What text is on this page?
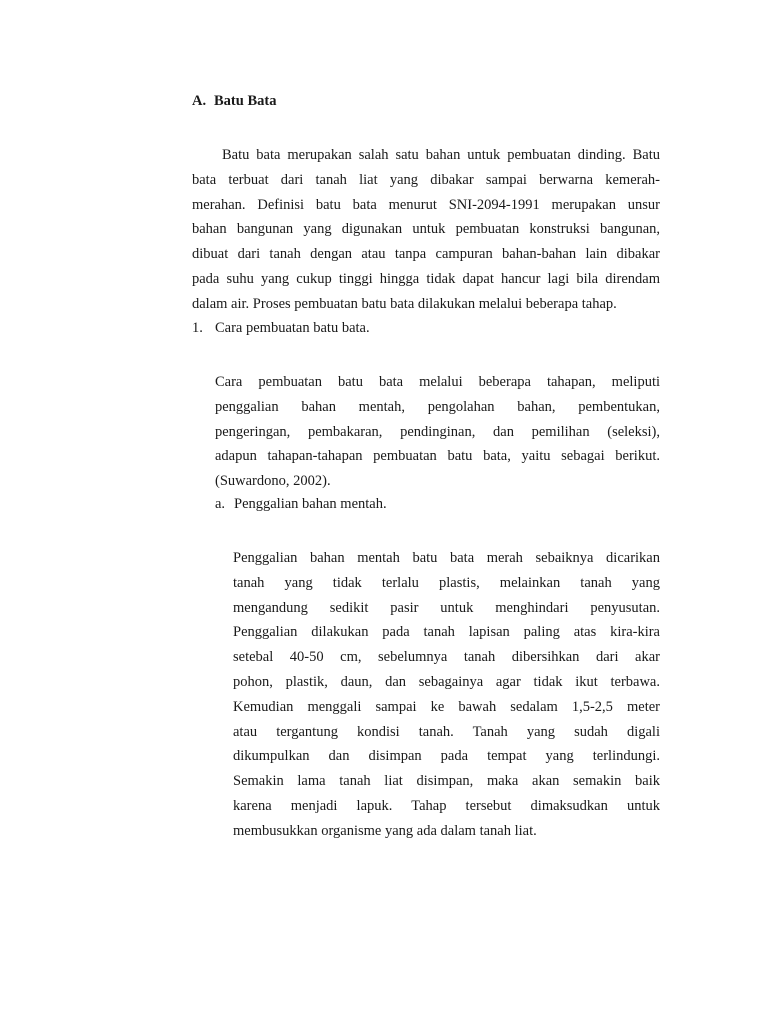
A. Batu Bata
Batu bata merupakan salah satu bahan untuk pembuatan dinding. Batu
bata terbuat dari tanah liat yang dibakar sampai berwarna kemerah-
merahan. Definisi batu bata menurut SNI-2094-1991 merupakan unsur
bahan bangunan yang digunakan untuk pembuatan konstruksi bangunan,
dibuat dari tanah dengan atau tanpa campuran bahan-bahan lain dibakar
pada suhu yang cukup tinggi hingga tidak dapat hancur lagi bila direndam
dalam air. Proses pembuatan batu bata dilakukan melalui beberapa tahap.
1. Cara pembuatan batu bata.
Cara pembuatan batu bata melalui beberapa tahapan, meliputi
penggalian bahan mentah, pengolahan bahan, pembentukan,
pengeringan, pembakaran, pendinginan, dan pemilihan (seleksi),
adapun tahapan-tahapan pembuatan batu bata, yaitu sebagai berikut.
(Suwardono, 2002).
a. Penggalian bahan mentah.
Penggalian bahan mentah batu bata merah sebaiknya dicarikan
tanah yang tidak terlalu plastis, melainkan tanah yang
mengandung sedikit pasir untuk menghindari penyusutan.
Penggalian dilakukan pada tanah lapisan paling atas kira-kira
setebal 40-50 cm, sebelumnya tanah dibersihkan dari akar
pohon, plastik, daun, dan sebagainya agar tidak ikut terbawa.
Kemudian menggali sampai ke bawah sedalam 1,5-2,5 meter
atau tergantung kondisi tanah. Tanah yang sudah digali
dikumpulkan dan disimpan pada tempat yang terlindungi.
Semakin lama tanah liat disimpan, maka akan semakin baik
karena menjadi lapuk. Tahap tersebut dimaksudkan untuk
membusukkan organisme yang ada dalam tanah liat.
